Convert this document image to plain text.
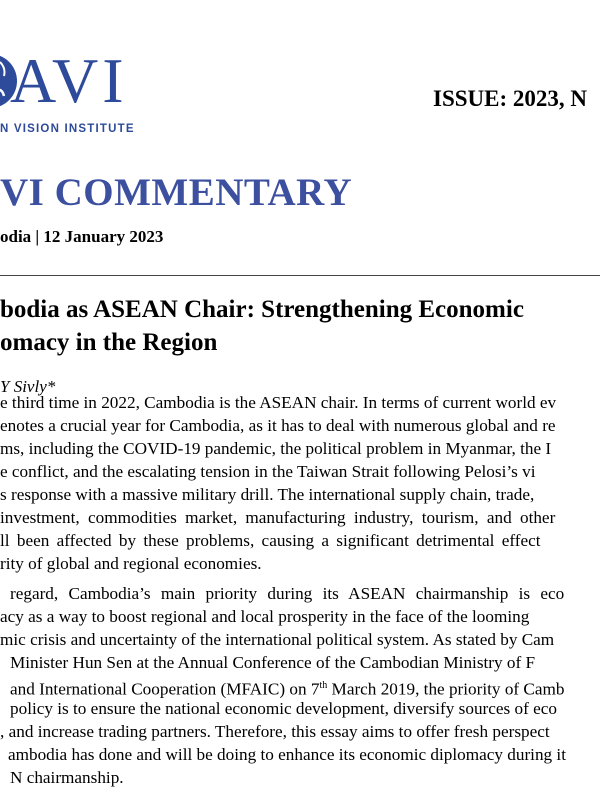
AVI
N VISION INSTITUTE
ISSUE: 2023, N
VI COMMENTARY
odia | 12 January 2023
bodia as ASEAN Chair: Strengthening Economic
omacy in the Region
Y Sivly*
e third time in 2022, Cambodia is the ASEAN chair. In terms of current world ev
enotes a crucial year for Cambodia, as it has to deal with numerous global and re
ms, including the COVID-19 pandemic, the political problem in Myanmar, the I
e conflict, and the escalating tension in the Taiwan Strait following Pelosi’s vi
s response with a massive military drill. The international supply chain, trade,
investment, commodities market, manufacturing industry, tourism, and other
ll been affected by these problems, causing a significant detrimental effect
rity of global and regional economies.
regard, Cambodia’s main priority during its ASEAN chairmanship is eco
acy as a way to boost regional and local prosperity in the face of the looming
mic crisis and uncertainty of the international political system. As stated by Cam
Minister Hun Sen at the Annual Conference of the Cambodian Ministry of F
and International Cooperation (MFAIC) on 7th March 2019, the priority of Camb
policy is to ensure the national economic development, diversify sources of eco
, and increase trading partners. Therefore, this essay aims to offer fresh perspect
ambodia has done and will be doing to enhance its economic diplomacy during it
N chairmanship.
